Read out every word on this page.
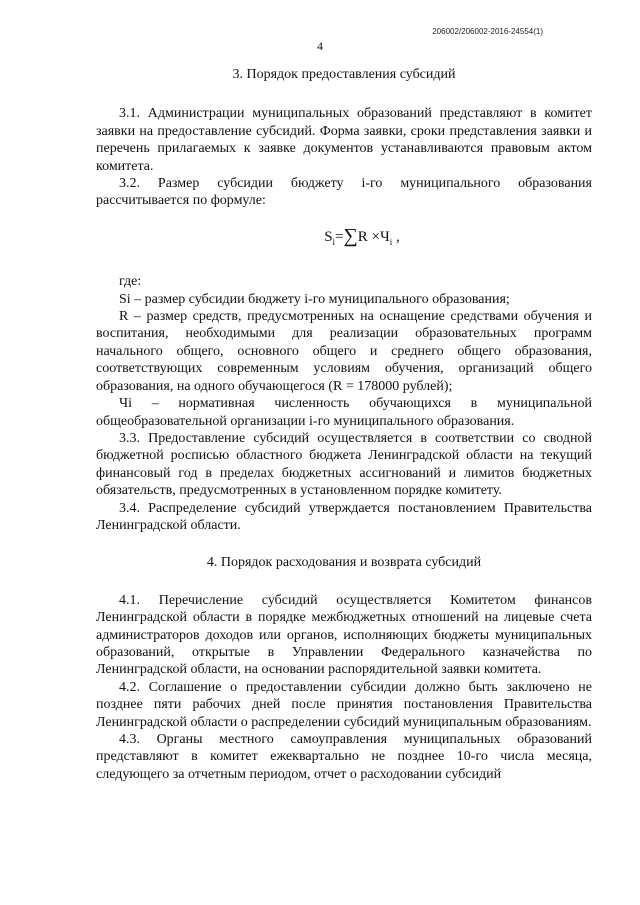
206002/206002-2016-24554(1)
4
3. Порядок предоставления субсидий

3.1. Администрации муниципальных образований представляют в комитет заявки на предоставление субсидий. Форма заявки, сроки представления заявки и перечень прилагаемых к заявке документов устанавливаются правовым актом комитета.

3.2. Размер субсидии бюджету i-го муниципального образования рассчитывается по формуле:

$S_i=\sum R \times Ч_i$ ,

где:

Si – размер субсидии бюджету i-го муниципального образования;

R – размер средств, предусмотренных на оснащение средствами обучения и воспитания, необходимыми для реализации образовательных программ начального общего, основного общего и среднего общего образования, соответствующих современным условиям обучения, организаций общего образования, на одного обучающегося (R = 178000 рублей);

Чi – нормативная численность обучающихся в муниципальной общеобразовательной организации i-го муниципального образования.

3.3. Предоставление субсидий осуществляется в соответствии со сводной бюджетной росписью областного бюджета Ленинградской области на текущий финансовый год в пределах бюджетных ассигнований и лимитов бюджетных обязательств, предусмотренных в установленном порядке комитету.

3.4. Распределение субсидий утверждается постановлением Правительства Ленинградской области.

4. Порядок расходования и возврата субсидий

4.1. Перечисление субсидий осуществляется Комитетом финансов Ленинградской области в порядке межбюджетных отношений на лицевые счета администраторов доходов или органов, исполняющих бюджеты муниципальных образований, открытые в Управлении Федерального казначейства по Ленинградской области, на основании распорядительной заявки комитета.

4.2. Соглашение о предоставлении субсидии должно быть заключено не позднее пяти рабочих дней после принятия постановления Правительства Ленинградской области о распределении субсидий муниципальным образованиям.

4.3. Органы местного самоуправления муниципальных образований представляют в комитет ежеквартально не позднее 10-го числа месяца, следующего за отчетным периодом, отчет о расходовании субсидий
